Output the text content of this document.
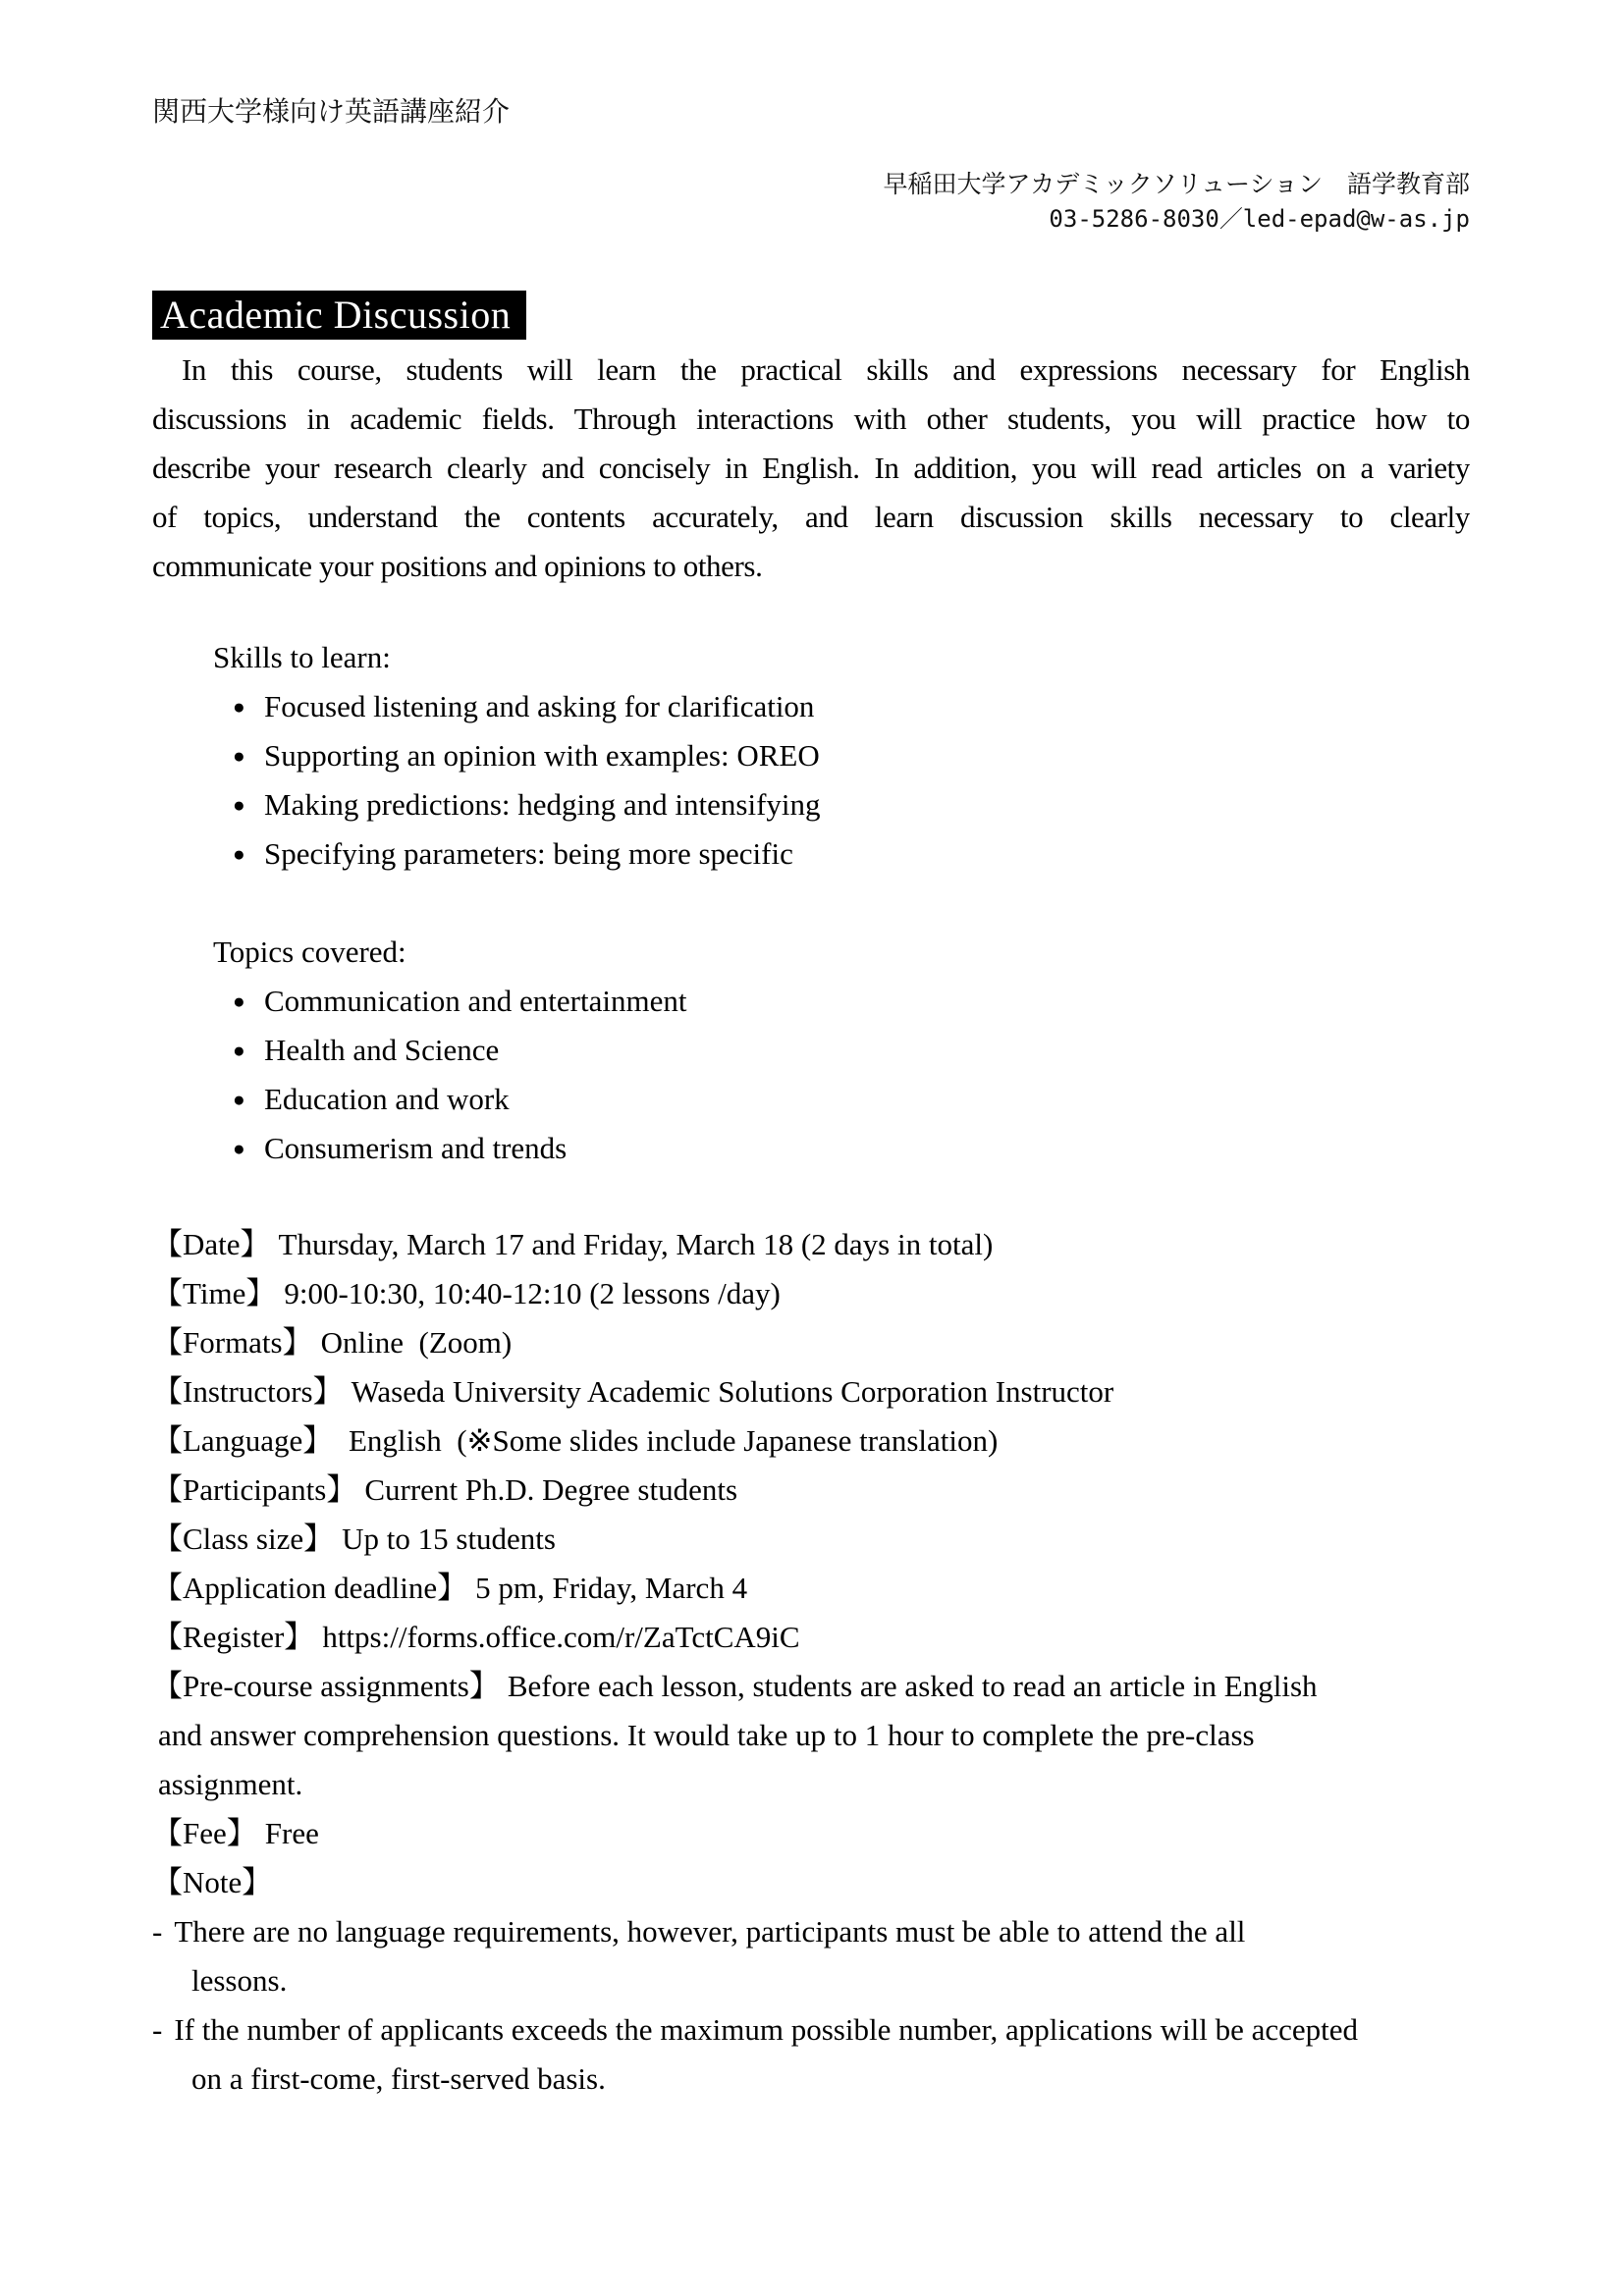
関西大学様向け英語講座紹介
早稲田大学アカデミックソリューション　語学教育部
03-5286-8030／led-epad@w-as.jp
Academic Discussion
In this course, students will learn the practical skills and expressions necessary for English
discussions in academic fields. Through interactions with other students, you will practice how to
describe your research clearly and concisely in English. In addition, you will read articles on a variety
of topics, understand the contents accurately, and learn discussion skills necessary to clearly
communicate your positions and opinions to others.
Skills to learn:
● Focused listening and asking for clarification
● Supporting an opinion with examples: OREO
● Making predictions: hedging and intensifying
● Specifying parameters: being more specific
Topics covered:
● Communication and entertainment
● Health and Science
● Education and work
● Consumerism and trends
【Date】 Thursday, March 17 and Friday, March 18 (2 days in total)
【Time】 9:00-10:30, 10:40-12:10 (2 lessons /day)
【Formats】 Online  (Zoom)
【Instructors】 Waseda University Academic Solutions Corporation Instructor
【Language】 English  (※Some slides include Japanese translation)
【Participants】 Current Ph.D. Degree students
【Class size】 Up to 15 students
【Application deadline】 5 pm, Friday, March 4
【Register】 https://forms.office.com/r/ZaTctCA9iC
【Pre-course assignments】 Before each lesson, students are asked to read an article in English
and answer comprehension questions. It would take up to 1 hour to complete the pre-class
assignment.
【Fee】 Free
【Note】
- There are no language requirements, however, participants must be able to attend the all
lessons.
- If the number of applicants exceeds the maximum possible number, applications will be accepted
on a first-come, first-served basis.
